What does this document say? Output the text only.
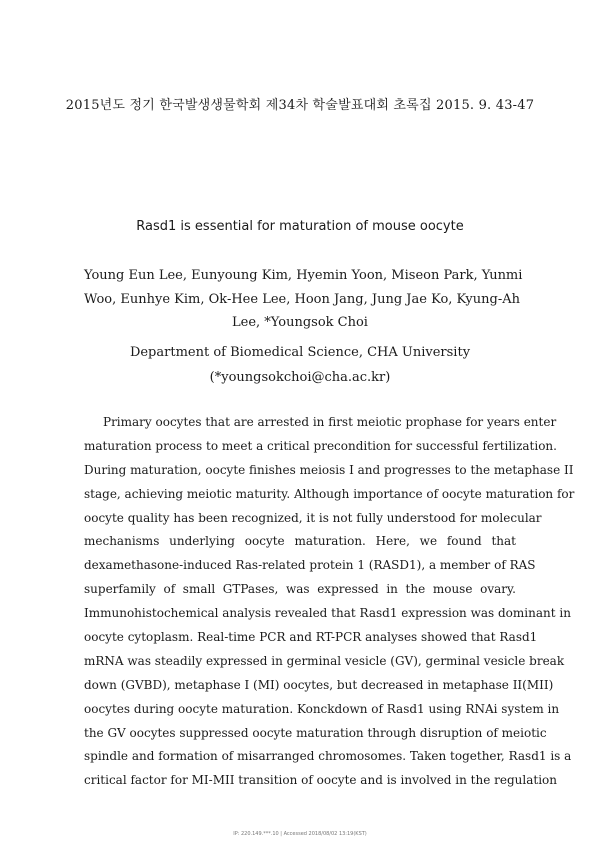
2015년도 정기 한국발생생물학회 제34차 학술발표대회 초록집 2015. 9. 43-47
Rasd1 is essential for maturation of mouse oocyte
Young Eun Lee, Eunyoung Kim, Hyemin Yoon, Miseon Park, Yunmi
Woo, Eunhye Kim, Ok-Hee Lee, Hoon Jang, Jung Jae Ko, Kyung-Ah
Lee, *Youngsok Choi
Department of Biomedical Science, CHA University
(*youngsokchoi@cha.ac.kr)
Primary oocytes that are arrested in first meiotic prophase for years enter
maturation process to meet a critical precondition for successful fertilization.
During maturation, oocyte finishes meiosis I and progresses to the metaphase II
stage, achieving meiotic maturity. Although importance of oocyte maturation for
oocyte quality has been recognized, it is not fully understood for molecular
mechanisms underlying oocyte maturation. Here, we found that
dexamethasone-induced Ras-related protein 1 (RASD1), a member of RAS
superfamily of small GTPases, was expressed in the mouse ovary.
Immunohistochemical analysis revealed that Rasd1 expression was dominant in
oocyte cytoplasm. Real-time PCR and RT-PCR analyses showed that Rasd1
mRNA was steadily expressed in germinal vesicle (GV), germinal vesicle break
down (GVBD), metaphase I (MI) oocytes, but decreased in metaphase II(MII)
oocytes during oocyte maturation. Konckdown of Rasd1 using RNAi system in
the GV oocytes suppressed oocyte maturation through disruption of meiotic
spindle and formation of misarranged chromosomes. Taken together, Rasd1 is a
critical factor for MI-MII transition of oocyte and is involved in the regulation
IP: 220.149.***.10 | Accessed 2018/08/02 13:19(KST)
